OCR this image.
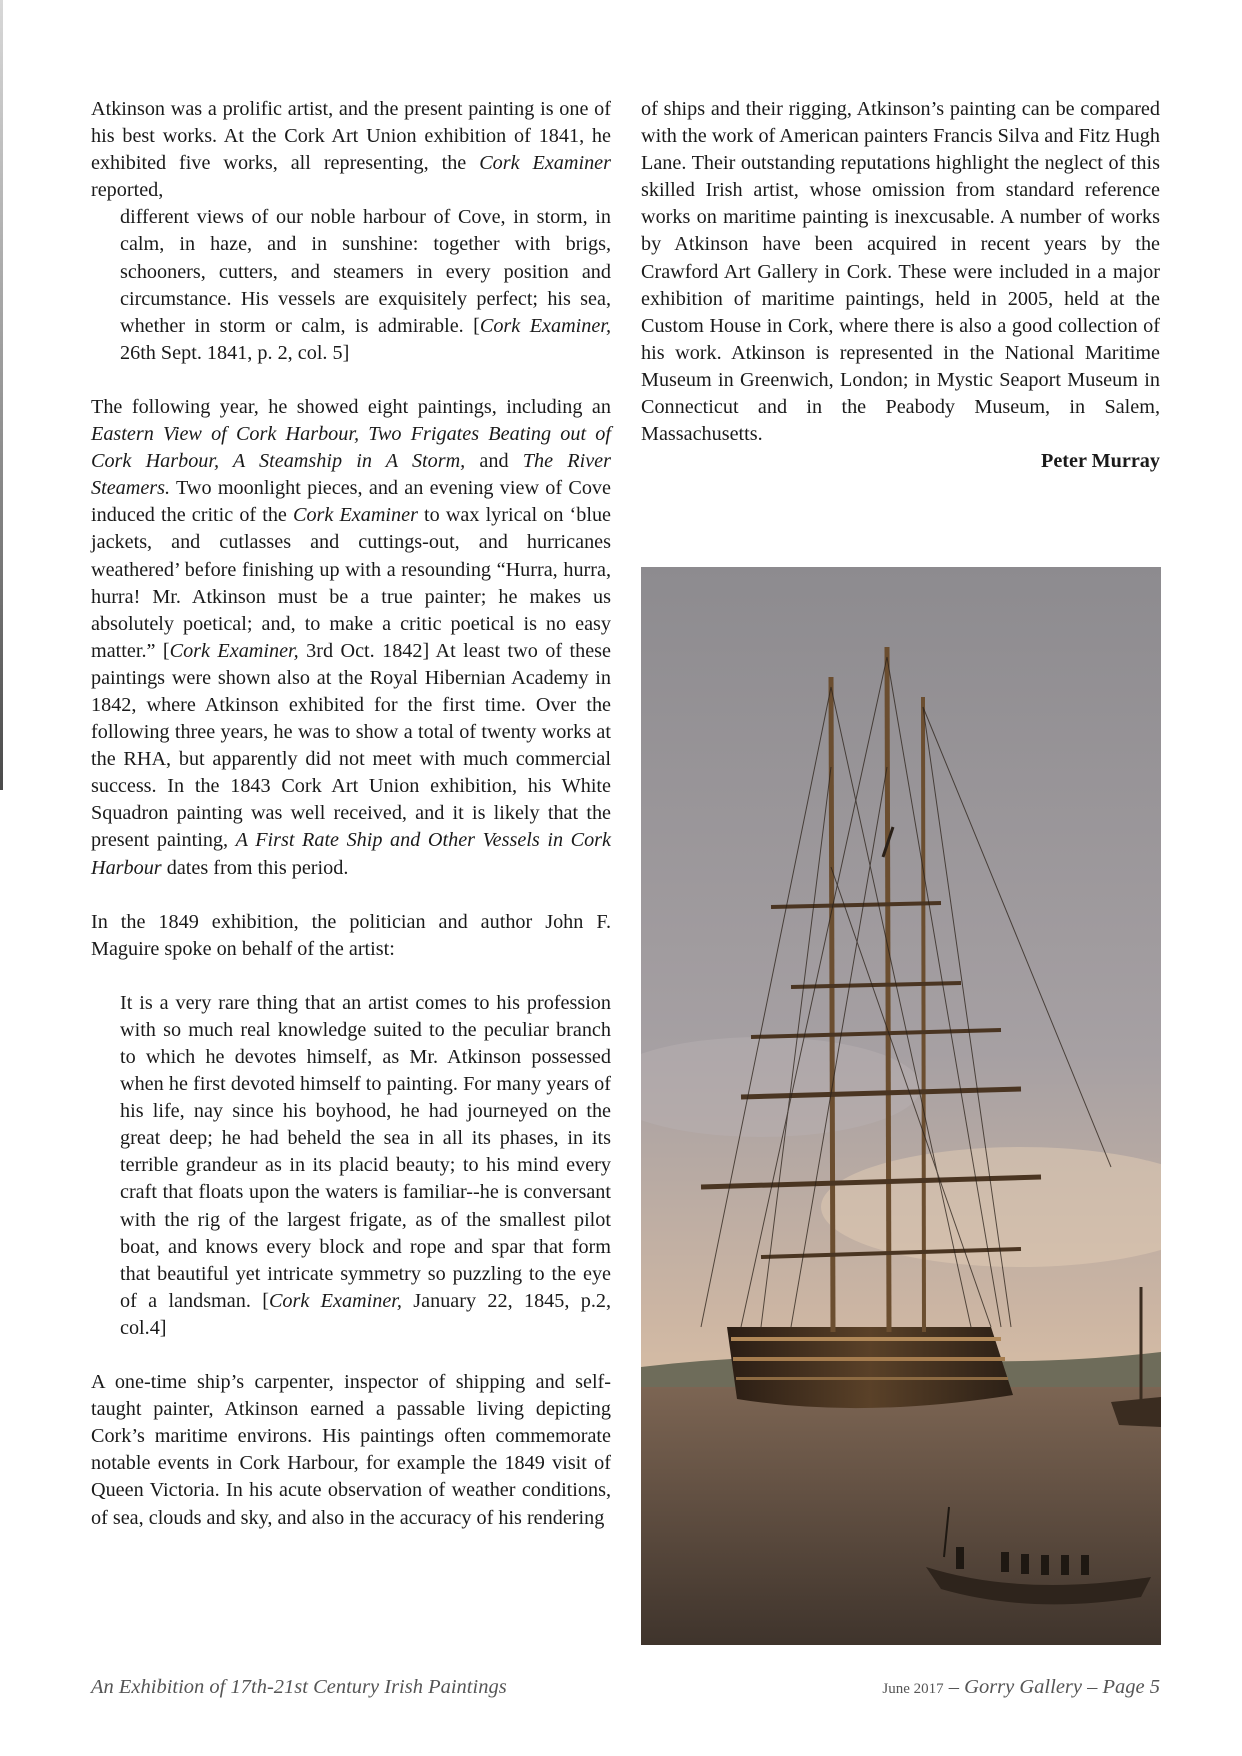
Atkinson was a prolific artist, and the present painting is one of his best works. At the Cork Art Union exhibition of 1841, he exhibited five works, all representing, the Cork Examiner reported,

different views of our noble harbour of Cove, in storm, in calm, in haze, and in sunshine: together with brigs, schooners, cutters, and steamers in every position and circumstance. His vessels are exquisitely perfect; his sea, whether in storm or calm, is admirable. [Cork Examiner, 26th Sept. 1841, p. 2, col. 5]

The following year, he showed eight paintings, including an Eastern View of Cork Harbour, Two Frigates Beating out of Cork Harbour, A Steamship in A Storm, and The River Steamers. Two moonlight pieces, and an evening view of Cove induced the critic of the Cork Examiner to wax lyrical on ‘blue jackets, and cutlasses and cuttings-out, and hurricanes weathered’ before finishing up with a resounding “Hurra, hurra, hurra! Mr. Atkinson must be a true painter; he makes us absolutely poetical; and, to make a critic poetical is no easy matter.” [Cork Examiner, 3rd Oct. 1842] At least two of these paintings were shown also at the Royal Hibernian Academy in 1842, where Atkinson exhibited for the first time. Over the following three years, he was to show a total of twenty works at the RHA, but apparently did not meet with much commercial success. In the 1843 Cork Art Union exhibition, his White Squadron painting was well received, and it is likely that the present painting, A First Rate Ship and Other Vessels in Cork Harbour dates from this period.

In the 1849 exhibition, the politician and author John F. Maguire spoke on behalf of the artist:

It is a very rare thing that an artist comes to his profession with so much real knowledge suited to the peculiar branch to which he devotes himself, as Mr. Atkinson possessed when he first devoted himself to painting. For many years of his life, nay since his boyhood, he had journeyed on the great deep; he had beheld the sea in all its phases, in its terrible grandeur as in its placid beauty; to his mind every craft that floats upon the waters is familiar--he is conversant with the rig of the largest frigate, as of the smallest pilot boat, and knows every block and rope and spar that form that beautiful yet intricate symmetry so puzzling to the eye of a landsman. [Cork Examiner, January 22, 1845, p.2, col.4]

A one-time ship’s carpenter, inspector of shipping and self-taught painter, Atkinson earned a passable living depicting Cork’s maritime environs. His paintings often commemorate notable events in Cork Harbour, for example the 1849 visit of Queen Victoria. In his acute observation of weather conditions, of sea, clouds and sky, and also in the accuracy of his rendering

of ships and their rigging, Atkinson’s painting can be compared with the work of American painters Francis Silva and Fitz Hugh Lane. Their outstanding reputations highlight the neglect of this skilled Irish artist, whose omission from standard reference works on maritime painting is inexcusable. A number of works by Atkinson have been acquired in recent years by the Crawford Art Gallery in Cork. These were included in a major exhibition of maritime paintings, held in 2005, held at the Custom House in Cork, where there is also a good collection of his work. Atkinson is represented in the National Maritime Museum in Greenwich, London; in Mystic Seaport Museum in Connecticut and in the Peabody Museum, in Salem, Massachusetts.

Peter Murray

An Exhibition of 17th-21st Century Irish Paintings	June 2017 – Gorry Gallery – Page 5
